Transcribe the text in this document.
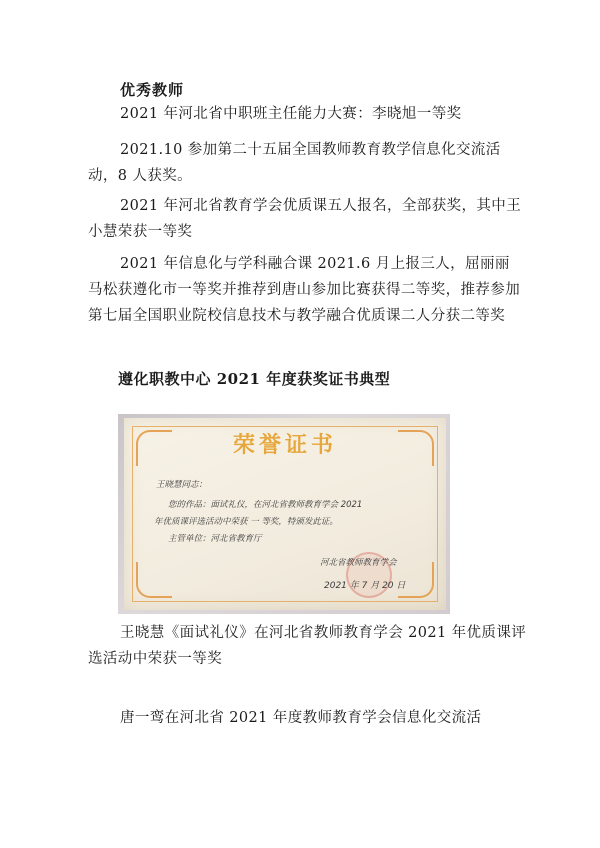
优秀教师

2021 年河北省中职班主任能力大赛：李晓旭一等奖

2021.10 参加第二十五届全国教师教育教学信息化交流活动，8 人获奖。

2021 年河北省教育学会优质课五人报名，全部获奖，其中王小慧荣获一等奖

2021 年信息化与学科融合课 2021.6 月上报三人，屈丽丽 马松获遵化市一等奖并推荐到唐山参加比赛获得二等奖，推荐参加第七届全国职业院校信息技术与教学融合优质课二人分获二等奖

遵化职教中心 2021 年度获奖证书典型

荣誉证书
王晓慧同志：
您的作品：面试礼仪，在河北省教师教育学会 2021
年优质课评选活动中荣获 一 等奖，特颁发此证。
主管单位：河北省教育厅
河北省教师教育学会
2021 年 7 月 20 日

王晓慧《面试礼仪》在河北省教师教育学会 2021 年优质课评选活动中荣获一等奖

唐一鸾在河北省 2021 年度教师教育学会信息化交流活
